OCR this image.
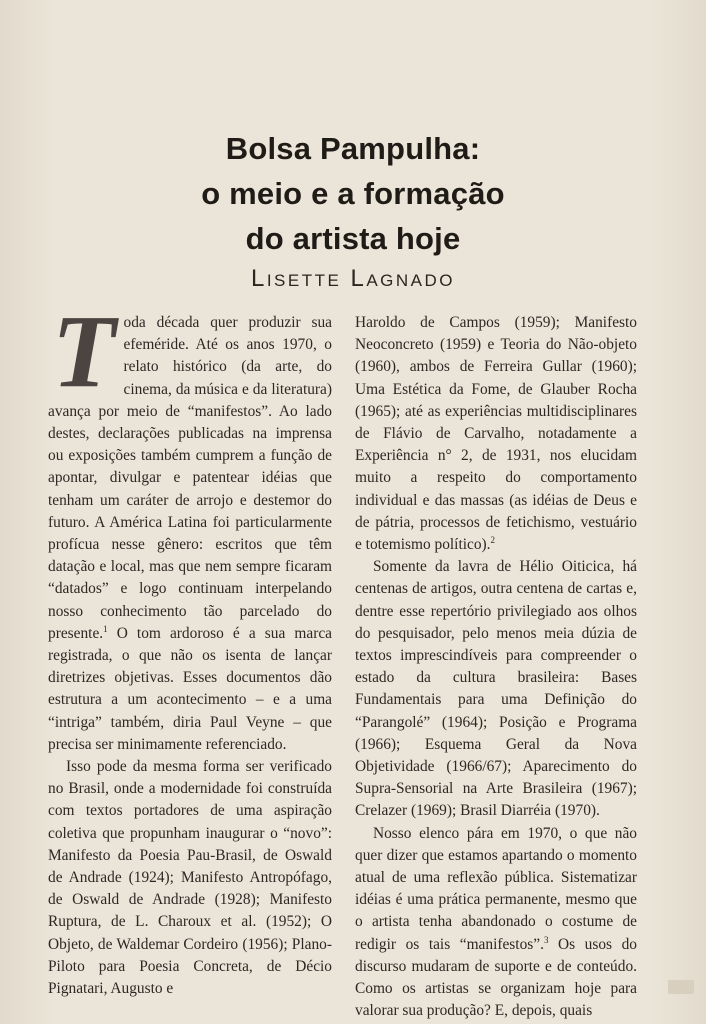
Bolsa Pampulha:
o meio e a formação
do artista hoje
Lisette Lagnado

Toda década quer produzir sua efeméride. Até os anos 1970, o relato histórico (da arte, do cinema, da música e da literatura) avança por meio de “manifestos”. Ao lado destes, declarações publicadas na imprensa ou exposições também cumprem a função de apontar, divulgar e patentear idéias que tenham um caráter de arrojo e destemor do futuro. A América Latina foi particularmente profícua nesse gênero: escritos que têm datação e local, mas que nem sempre ficaram “datados” e logo continuam interpelando nosso conhecimento tão parcelado do presente.$^1$ O tom ardoroso é a sua marca registrada, o que não os isenta de lançar diretrizes objetivas. Esses documentos dão estrutura a um acontecimento – e a uma “intriga” também, diria Paul Veyne – que precisa ser minimamente referenciado.

Isso pode da mesma forma ser verificado no Brasil, onde a modernidade foi construída com textos portadores de uma aspiração coletiva que propunham inaugurar o “novo”: Manifesto da Poesia Pau-Brasil, de Oswald de Andrade (1924); Manifesto Antropófago, de Oswald de Andrade (1928); Manifesto Ruptura, de L. Charoux et al. (1952); O Objeto, de Waldemar Cordeiro (1956); Plano-Piloto para Poesia Concreta, de Décio Pignatari, Augusto e

Haroldo de Campos (1959); Manifesto Neoconcreto (1959) e Teoria do Não-objeto (1960), ambos de Ferreira Gullar (1960); Uma Estética da Fome, de Glauber Rocha (1965); até as experiências multidisciplinares de Flávio de Carvalho, notadamente a Experiência n° 2, de 1931, nos elucidam muito a respeito do comportamento individual e das massas (as idéias de Deus e de pátria, processos de fetichismo, vestuário e totemismo político).$^2$

Somente da lavra de Hélio Oiticica, há centenas de artigos, outra centena de cartas e, dentre esse repertório privilegiado aos olhos do pesquisador, pelo menos meia dúzia de textos imprescindíveis para compreender o estado da cultura brasileira: Bases Fundamentais para uma Definição do “Parangolé” (1964); Posição e Programa (1966); Esquema Geral da Nova Objetividade (1966/67); Aparecimento do Supra-Sensorial na Arte Brasileira (1967); Crelazer (1969); Brasil Diarréia (1970).

Nosso elenco pára em 1970, o que não quer dizer que estamos apartando o momento atual de uma reflexão pública. Sistematizar idéias é uma prática permanente, mesmo que o artista tenha abandonado o costume de redigir os tais “manifestos”.$^3$ Os usos do discurso mudaram de suporte e de conteúdo. Como os artistas se organizam hoje para valorar sua produção? E, depois, quais
